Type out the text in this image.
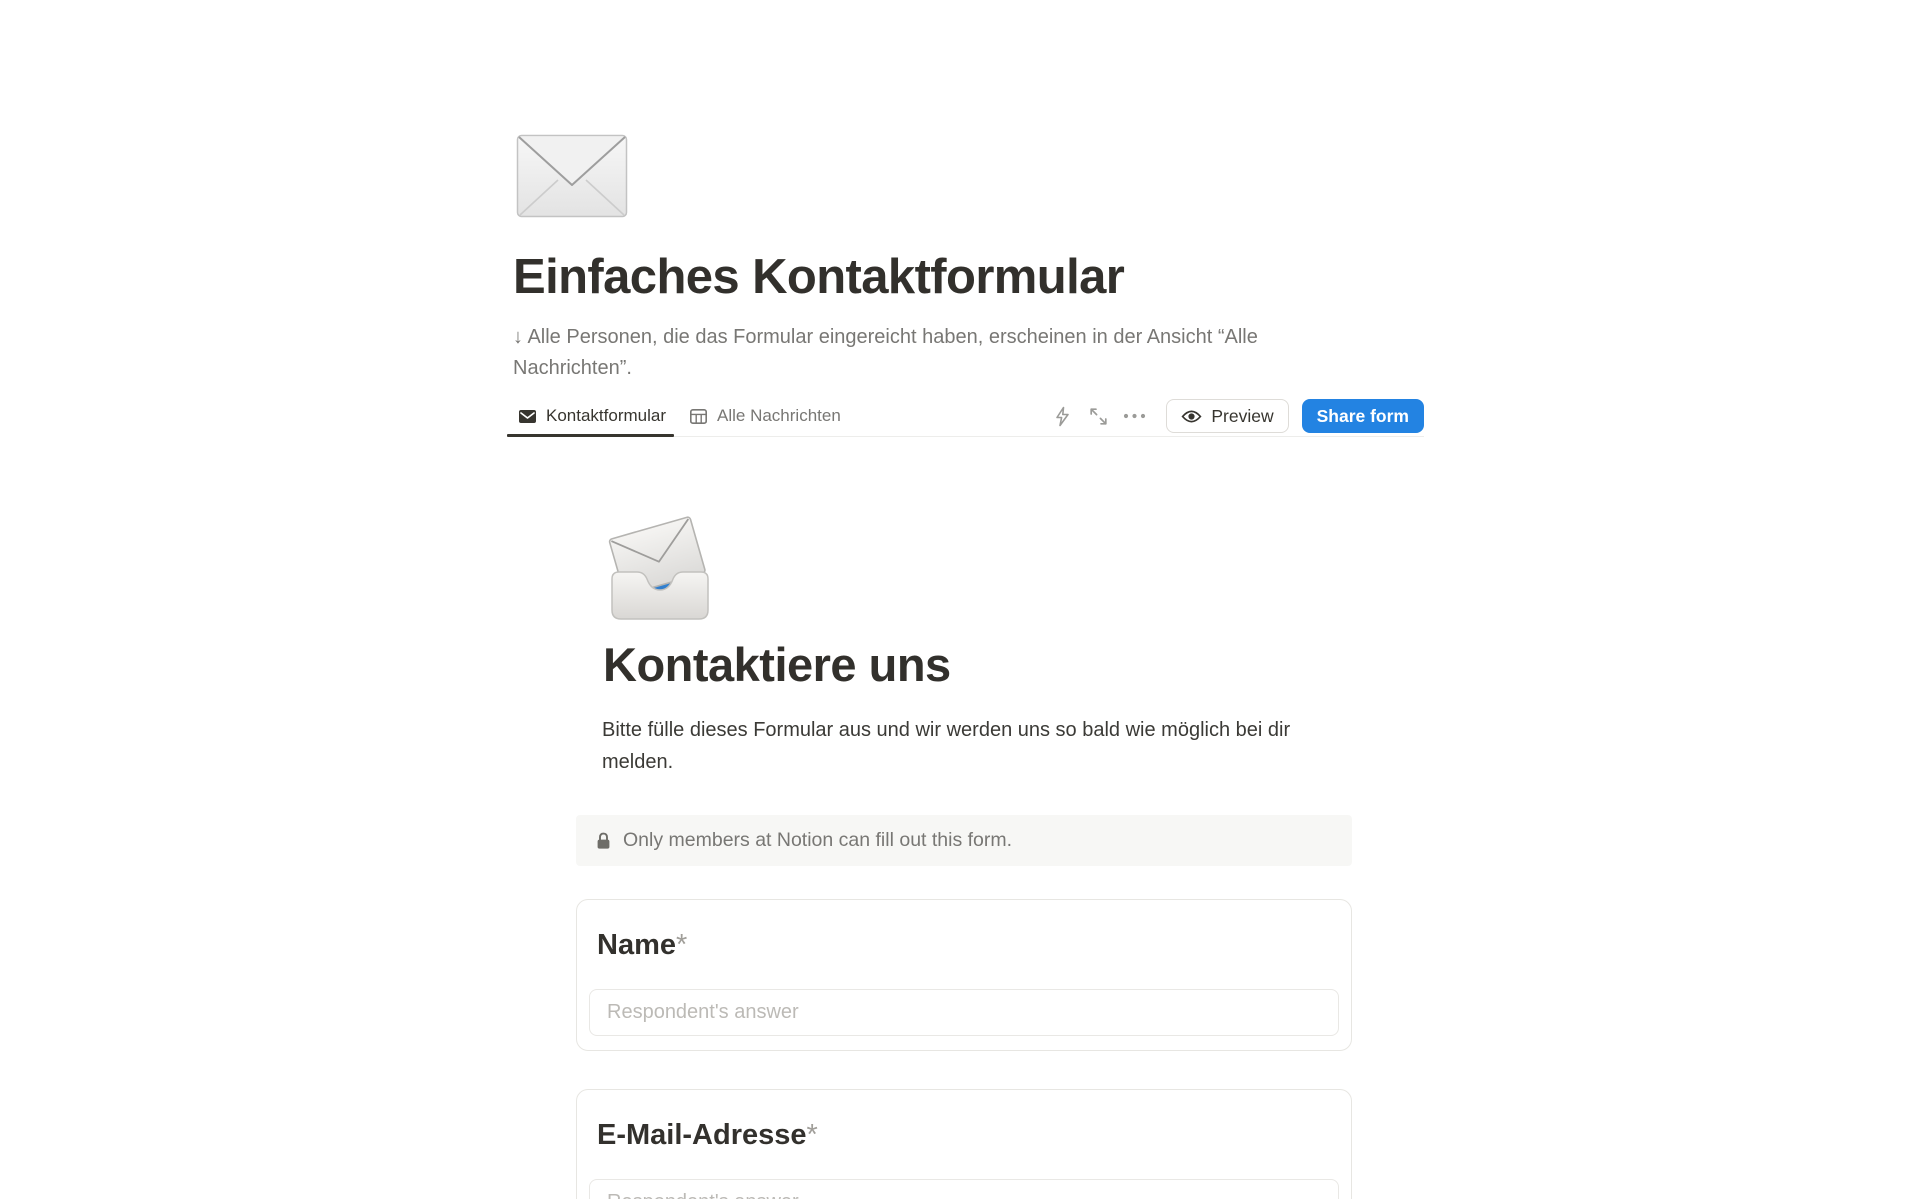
Einfaches Kontaktformular
↓ Alle Personen, die das Formular eingereicht haben, erscheinen in der Ansicht “Alle Nachrichten”.
Kontaktformular	Alle Nachrichten	Preview	Share form
Kontaktiere uns
Bitte fülle dieses Formular aus und wir werden uns so bald wie möglich bei dir melden.
Only members at Notion can fill out this form.
Name*
Respondent's answer
E-Mail-Adresse*
Respondent's answer
